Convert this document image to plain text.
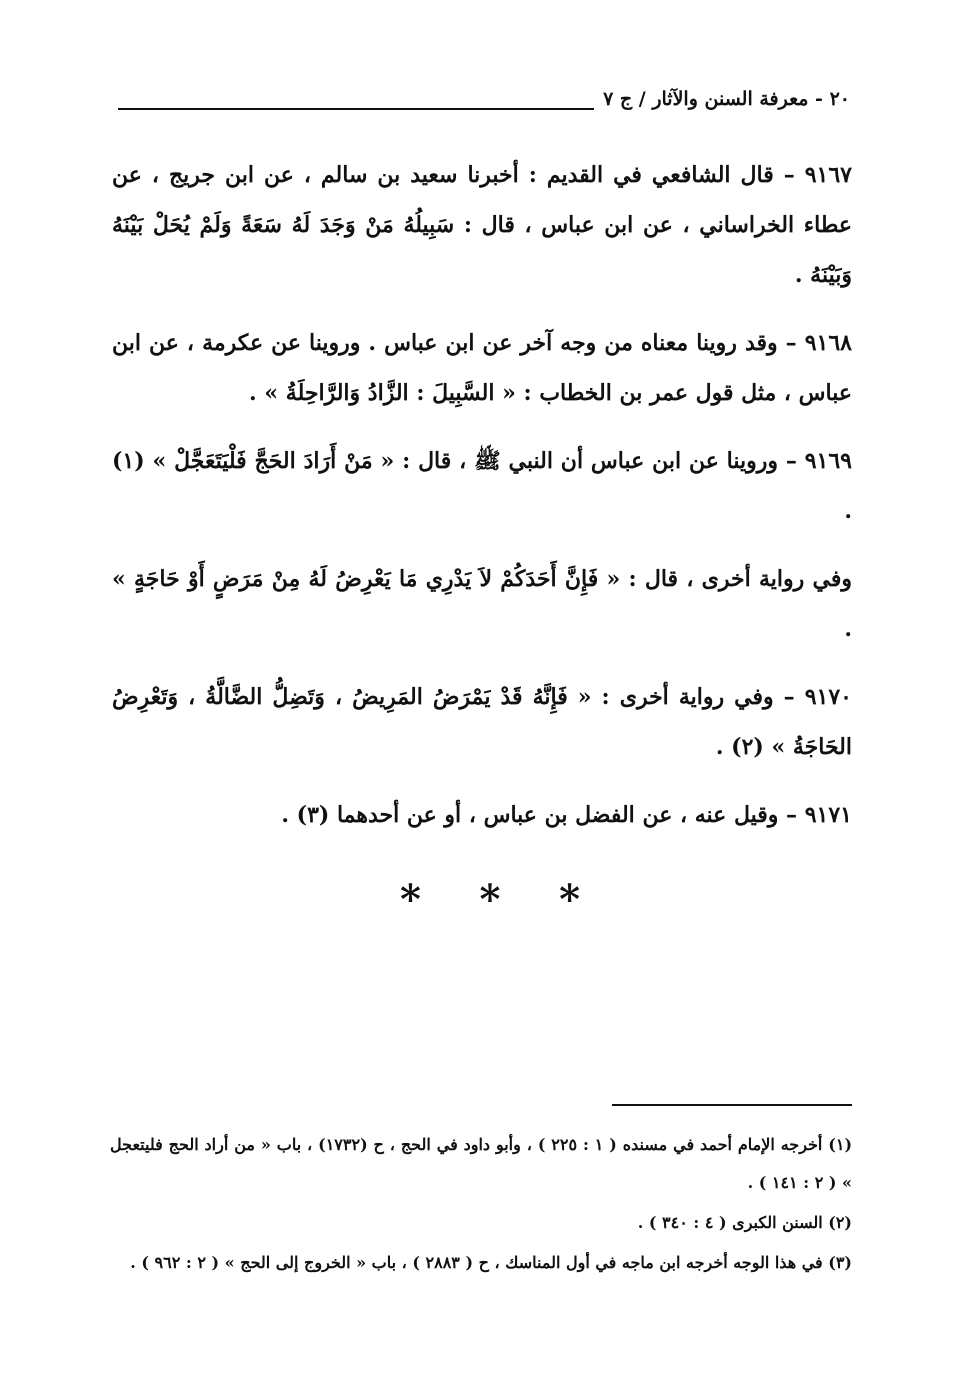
٢٠ - معرفة السنن والآثار / ج ٧

٩١٦٧ – قال الشافعي في القديم : أخبرنا سعيد بن سالم ، عن ابن جريج ، عن عطاء الخراساني ، عن ابن عباس ، قال : سَبِيلُهُ مَنْ وَجَدَ لَهُ سَعَةً وَلَمْ يُحَلْ بَيْنَهُ وَبَيْنَهُ .

٩١٦٨ – وقد روينا معناه من وجه آخر عن ابن عباس . وروينا عن عكرمة ، عن ابن عباس ، مثل قول عمر بن الخطاب : « السَّبِيلَ : الزَّادُ وَالرَّاحِلَةُ » .

٩١٦٩ – وروينا عن ابن عباس أن النبي ﷺ ، قال : « مَنْ أَرَادَ الحَجَّ فَلْيَتَعَجَّلْ » (١) .

وفي رواية أخرى ، قال : « فَإِنَّ أَحَدَكُمْ لاَ يَدْرِي مَا يَعْرِضُ لَهُ مِنْ مَرَضٍ أَوْ حَاجَةٍ » .

٩١٧٠ – وفي رواية أخرى : « فَإِنَّهُ قَدْ يَمْرَضُ المَرِيضُ ، وَتَضِلُّ الضَّالَّةُ ، وَتَعْرِضُ الحَاجَةُ » (٢) .

٩١٧١ – وقيل عنه ، عن الفضل بن عباس ، أو عن أحدهما (٣) .

* * *

(١) أخرجه الإمام أحمد في مسنده ( ١ : ٢٢٥ ) ، وأبو داود في الحج ، ح (١٧٣٢) ، باب « من أراد الحج فليتعجل » ( ٢ : ١٤١ ) .

(٢) السنن الكبرى ( ٤ : ٣٤٠ ) .

(٣) في هذا الوجه أخرجه ابن ماجه في أول المناسك ، ح ( ٢٨٨٣ ) ، باب « الخروج إلى الحج » ( ٢ : ٩٦٢ ) .
